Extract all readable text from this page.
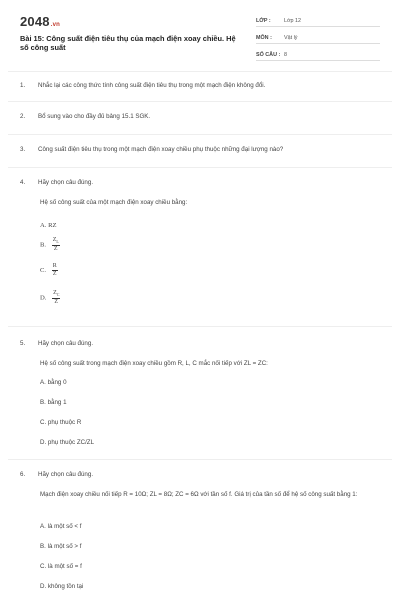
2048.vn
Bài 15: Công suất điện tiêu thụ của mạch điện xoay chiều. Hệ số công suất
LỚP :	Lớp 12
MÔN :	Vật lý
SỐ CÂU : 8
1.	Nhắc lại các công thức tính công suất điện tiêu thụ trong một mạch điện không đổi.
2.	Bổ sung vào cho đầy đủ bảng 15.1 SGK.
3.	Công suất điện tiêu thụ trong một mạch điện xoay chiều phụ thuộc những đại lượng nào?
4.	Hãy chọn câu đúng.
Hệ số công suất của một mạch điện xoay chiều bằng:
A. RZ
B. $\frac{Z_L}{Z}$
C. $\frac{R}{Z}$
D. $\frac{Z_C}{Z}$
5.	Hãy chọn câu đúng.
Hệ số công suất trong mạch điện xoay chiều gồm R, L, C mắc nối tiếp với ZL = ZC:
A. bằng 0
B. bằng 1
C. phụ thuộc R
D. phụ thuộc ZC/ZL
6.	Hãy chọn câu đúng.
Mạch điện xoay chiều nối tiếp R = 10Ω; ZL = 8Ω; ZC = 6Ω với tần số f. Giá trị của tần số để hệ số công suất bằng 1:
A. là một số < f
B. là một số > f
C. là một số = f
D. không tồn tại
